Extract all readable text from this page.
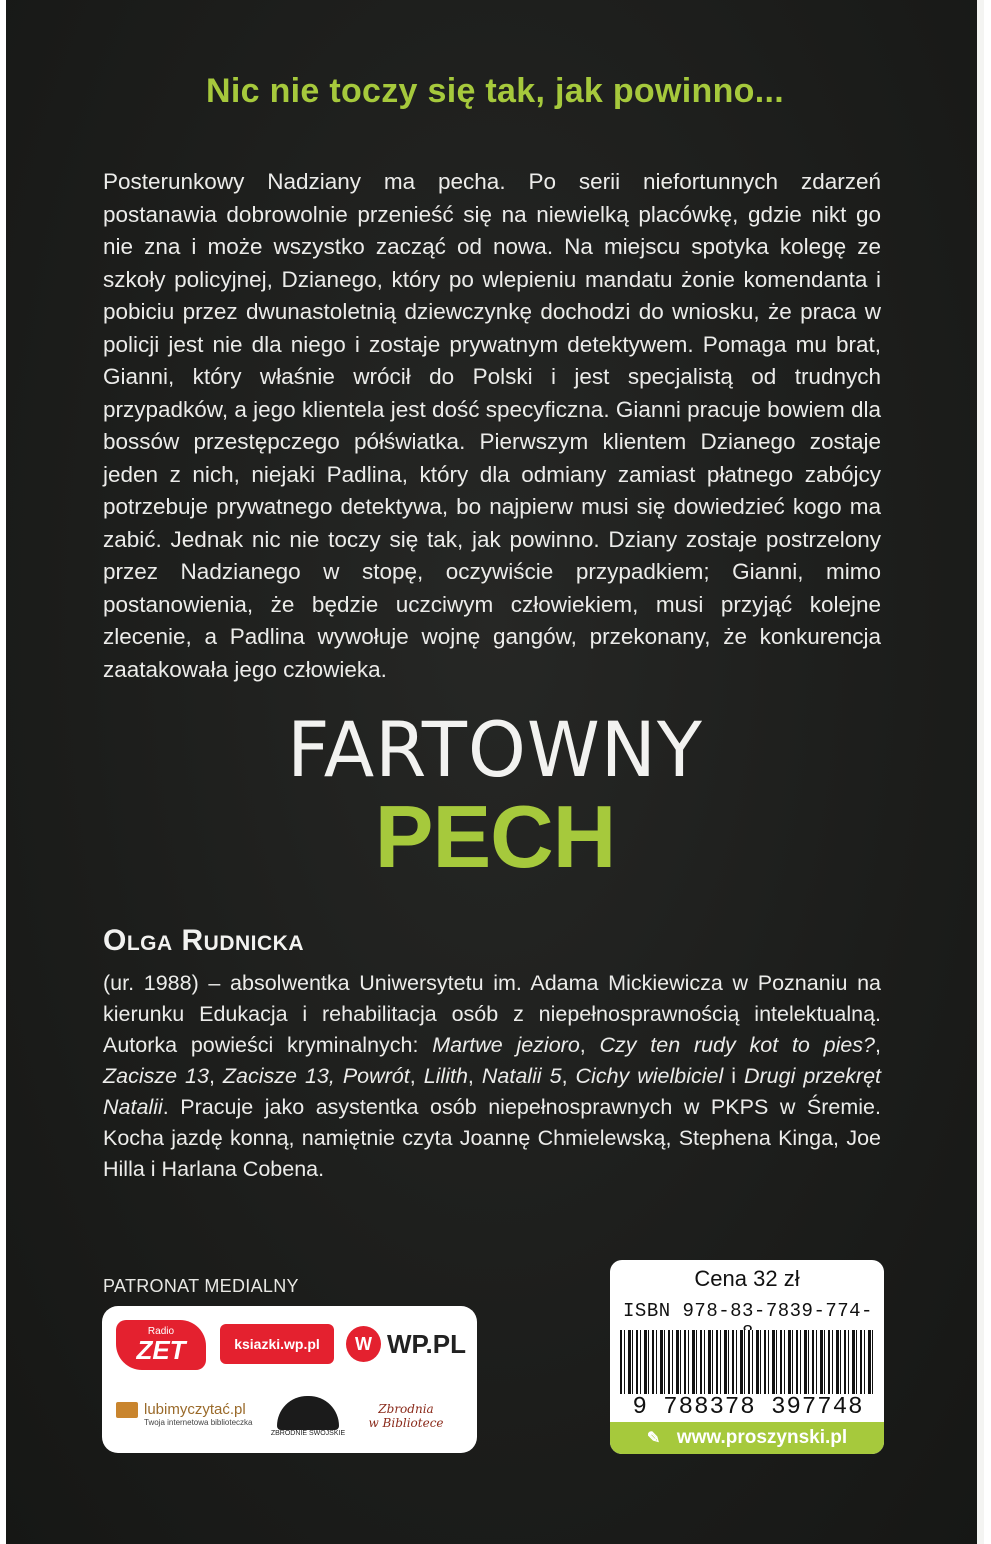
Nic nie toczy się tak, jak powinno...

Posterunkowy Nadziany ma pecha. Po serii niefortunnych zdarzeń postanawia dobrowolnie przenieść się na niewielką placówkę, gdzie nikt go nie zna i może wszystko zacząć od nowa. Na miejscu spotyka kolegę ze szkoły policyjnej, Dzianego, który po wlepieniu mandatu żonie komendanta i pobiciu przez dwunastoletnią dziewczynkę dochodzi do wniosku, że praca w policji jest nie dla niego i zostaje prywatnym detektywem. Pomaga mu brat, Gianni, który właśnie wrócił do Polski i jest specjalistą od trudnych przypadków, a jego klientela jest dość specyficzna. Gianni pracuje bowiem dla bossów przestępczego półświatka. Pierwszym klientem Dzianego zostaje jeden z nich, niejaki Padlina, który dla odmiany zamiast płatnego zabójcy potrzebuje prywatnego detektywa, bo najpierw musi się dowiedzieć kogo ma zabić. Jednak nic nie toczy się tak, jak powinno. Dziany zostaje postrzelony przez Nadzianego w stopę, oczywiście przypadkiem; Gianni, mimo postanowienia, że będzie uczciwym człowiekiem, musi przyjąć kolejne zlecenie, a Padlina wywołuje wojnę gangów, przekonany, że konkurencja zaatakowała jego człowieka.

FARTOWNY
PECH
Olga Rudnicka
(ur. 1988) – absolwentka Uniwersytetu im. Adama Mickiewicza w Poznaniu na kierunku Edukacja i rehabilitacja osób z niepełnosprawnością intelektualną. Autorka powieści kryminalnych: Martwe jezioro, Czy ten rudy kot to pies?, Zacisze 13, Zacisze 13, Powrót, Lilith, Natalii 5, Cichy wielbiciel i Drugi przekręt Natalii. Pracuje jako asystentka osób niepełnosprawnych w PKPS w Śremie. Kocha jazdę konną, namiętnie czyta Joannę Chmielewską, Stephena Kinga, Joe Hilla i Harlana Cobena.
PATRONAT MEDIALNY
Radio
ZET	ksiazki.wp.pl	W WP.PL
lubimyczytać.pl
Twoja internetowa biblioteczka
ZBRODNIE SWOJSKIE
Zbrodnia
w Bibliotece
Cena 32 zł
ISBN 978-83-7839-774-
9 788378 397748
✎ www.proszynski.pl
